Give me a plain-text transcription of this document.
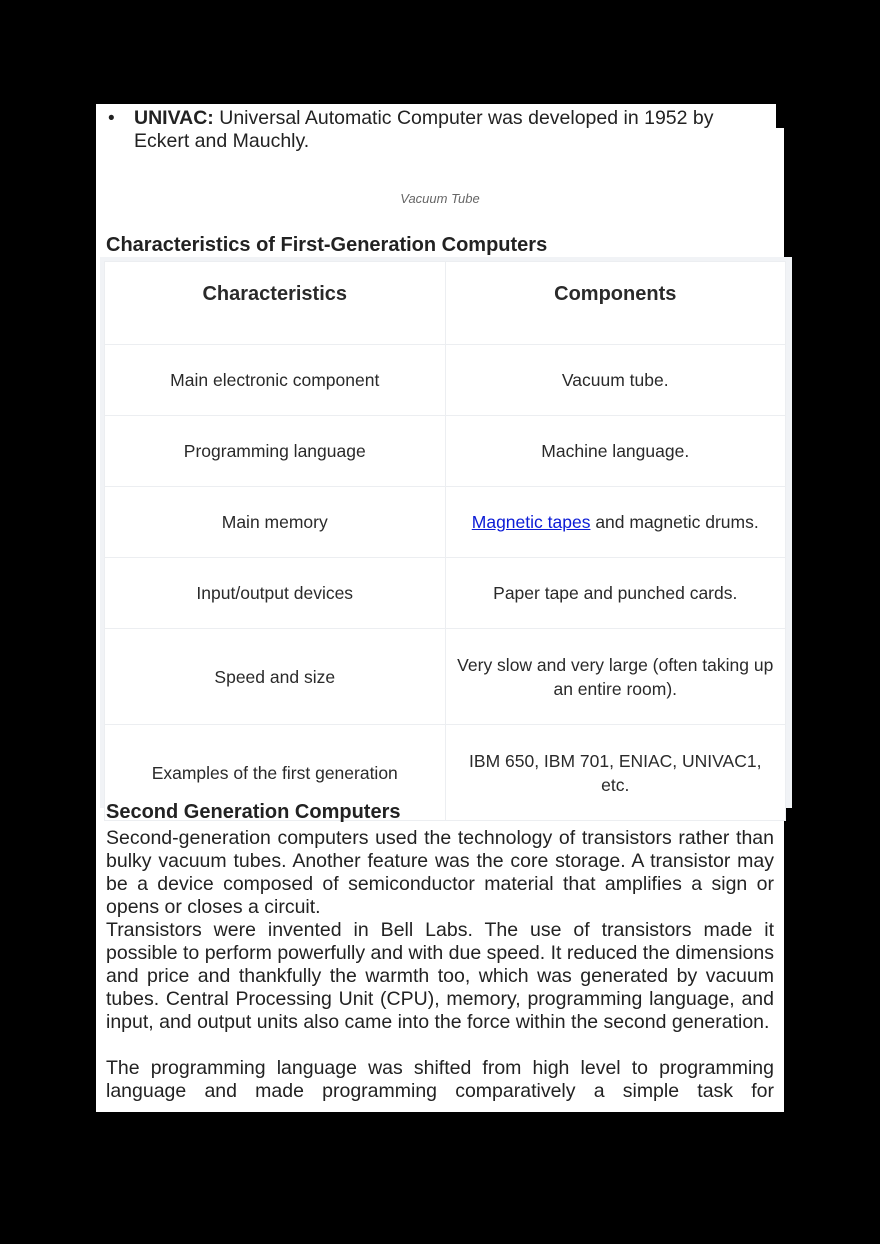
• UNIVAC: Universal Automatic Computer was developed in 1952 by Eckert and Mauchly.
Vacuum Tube
Characteristics of First-Generation Computers
Characteristics	Components
Main electronic component	Vacuum tube.
Programming language	Machine language.
Main memory	Magnetic tapes and magnetic drums.
Input/output devices	Paper tape and punched cards.
Speed and size	Very slow and very large (often taking up an entire room).
Examples of the first generation	IBM 650, IBM 701, ENIAC, UNIVAC1, etc.
Second Generation Computers
Second-generation computers used the technology of transistors rather than bulky vacuum tubes. Another feature was the core storage. A transistor may be a device composed of semiconductor material that amplifies a sign or opens or closes a circuit.
Transistors were invented in Bell Labs. The use of transistors made it possible to perform powerfully and with due speed. It reduced the dimensions and price and thankfully the warmth too, which was generated by vacuum tubes. Central Processing Unit (CPU), memory, programming language, and input, and output units also came into the force within the second generation.
The programming language was shifted from high level to programming language and made programming comparatively a simple task for
